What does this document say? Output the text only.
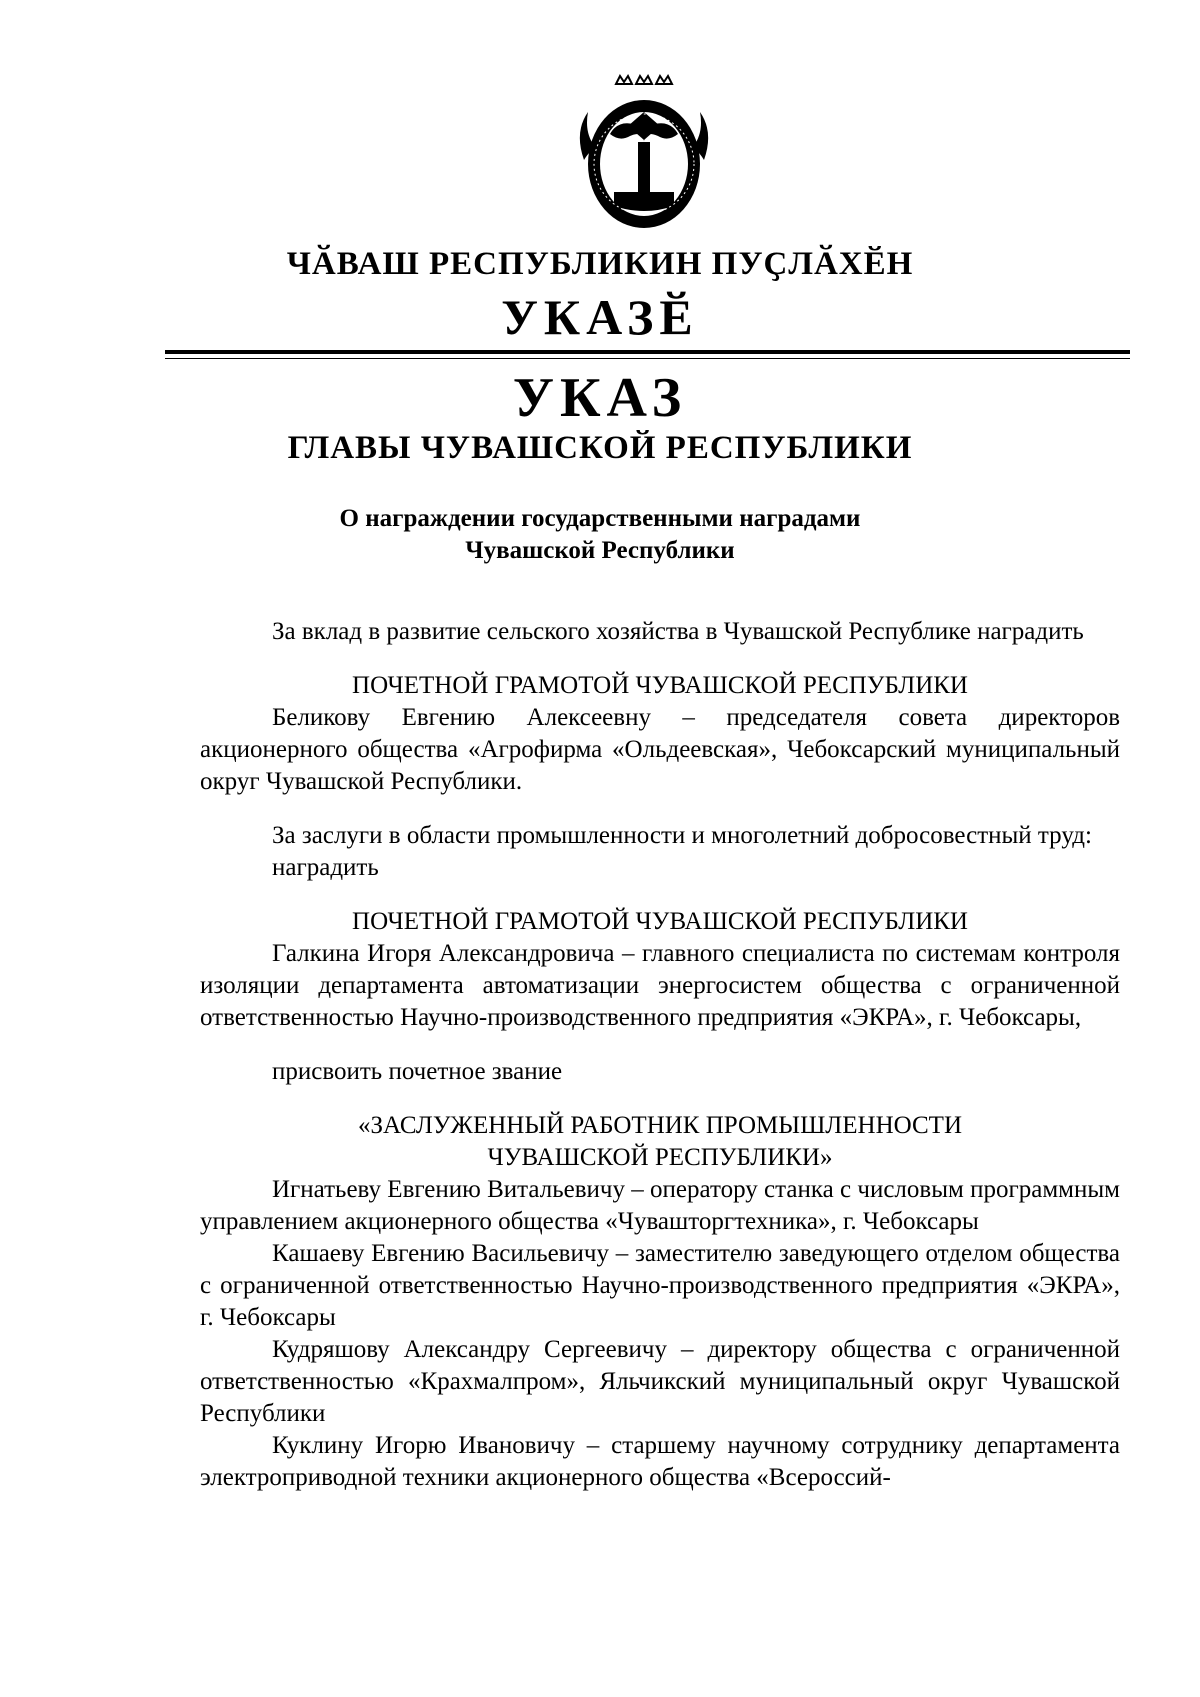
ЧӐВАШ РЕСПУБЛИКИН ПУҪЛӐХӖН
УКАЗӖ
УКАЗ
ГЛАВЫ ЧУВАШСКОЙ РЕСПУБЛИКИ
О награждении государственными наградами
Чувашской Республики

За вклад в развитие сельского хозяйства в Чувашской Республике наградить

ПОЧЕТНОЙ ГРАМОТОЙ ЧУВАШСКОЙ РЕСПУБЛИКИ

Беликову Евгению Алексеевну – председателя совета директоров акционерного общества «Агрофирма «Ольдеевская», Чебоксарский муниципальный округ Чувашской Республики.

За заслуги в области промышленности и многолетний добросовестный труд:

наградить

ПОЧЕТНОЙ ГРАМОТОЙ ЧУВАШСКОЙ РЕСПУБЛИКИ

Галкина Игоря Александровича – главного специалиста по системам контроля изоляции департамента автоматизации энергосистем общества с ограниченной ответственностью Научно-производственного предприятия «ЭКРА», г. Чебоксары,

присвоить почетное звание

«ЗАСЛУЖЕННЫЙ РАБОТНИК ПРОМЫШЛЕННОСТИ

ЧУВАШСКОЙ РЕСПУБЛИКИ»

Игнатьеву Евгению Витальевичу – оператору станка с числовым программным управлением акционерного общества «Чувашторгтехника», г. Чебоксары

Кашаеву Евгению Васильевичу – заместителю заведующего отделом общества с ограниченной ответственностью Научно-производственного предприятия «ЭКРА», г. Чебоксары

Кудряшову Александру Сергеевичу – директору общества с ограниченной ответственностью «Крахмалпром», Яльчикский муниципальный округ Чувашской Республики

Куклину Игорю Ивановичу – старшему научному сотруднику департамента электроприводной техники акционерного общества «Всероссий-
